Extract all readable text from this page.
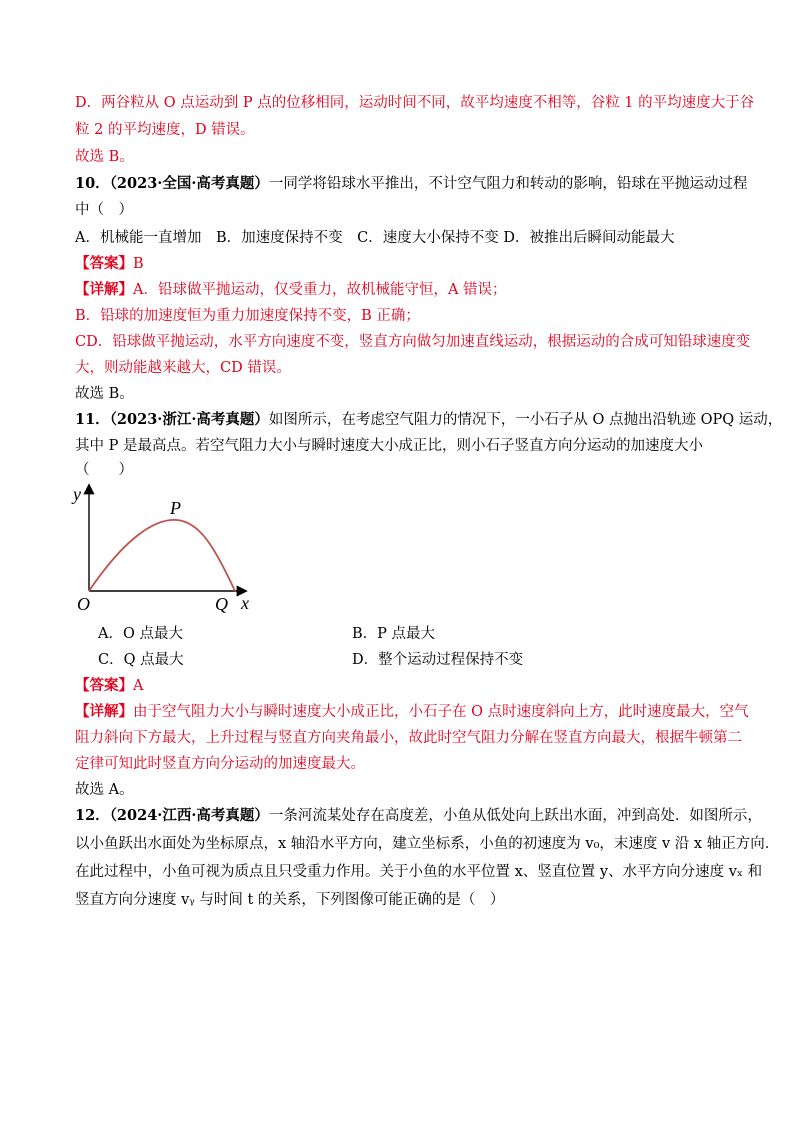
D．两谷粒从 O 点运动到 P 点的位移相同，运动时间不同，故平均速度不相等，谷粒 1 的平均速度大于谷
粒 2 的平均速度，D 错误。
故选 B。
10．（2023·全国·高考真题）一同学将铅球水平推出，不计空气阻力和转动的影响，铅球在平抛运动过程
中（　）
A．机械能一直增加　B．加速度保持不变　C．速度大小保持不变 D．被推出后瞬间动能最大
【答案】B
【详解】A．铅球做平抛运动，仅受重力，故机械能守恒，A 错误；
B．铅球的加速度恒为重力加速度保持不变，B 正确；
CD．铅球做平抛运动，水平方向速度不变，竖直方向做匀加速直线运动，根据运动的合成可知铅球速度变
大，则动能越来越大，CD 错误。
故选 B。
11．（2023·浙江·高考真题）如图所示，在考虑空气阻力的情况下，一小石子从 O 点抛出沿轨迹 OPQ 运动，
其中 P 是最高点。若空气阻力大小与瞬时速度大小成正比，则小石子竖直方向分运动的加速度大小
（　　）
y
x
O
P
Q
A．O 点最大	B．P 点最大
C．Q 点最大	D．整个运动过程保持不变
【答案】A
【详解】由于空气阻力大小与瞬时速度大小成正比，小石子在 O 点时速度斜向上方，此时速度最大，空气
阻力斜向下方最大，上升过程与竖直方向夹角最小，故此时空气阻力分解在竖直方向最大，根据牛顿第二
定律可知此时竖直方向分运动的加速度最大。
故选 A。
12．（2024·江西·高考真题）一条河流某处存在高度差，小鱼从低处向上跃出水面，冲到高处．如图所示，
以小鱼跃出水面处为坐标原点，x 轴沿水平方向，建立坐标系，小鱼的初速度为 v₀，末速度 v 沿 x 轴正方向．
在此过程中，小鱼可视为质点且只受重力作用。关于小鱼的水平位置 x、竖直位置 y、水平方向分速度 vₓ 和
竖直方向分速度 vᵧ 与时间 t 的关系，下列图像可能正确的是（　）
